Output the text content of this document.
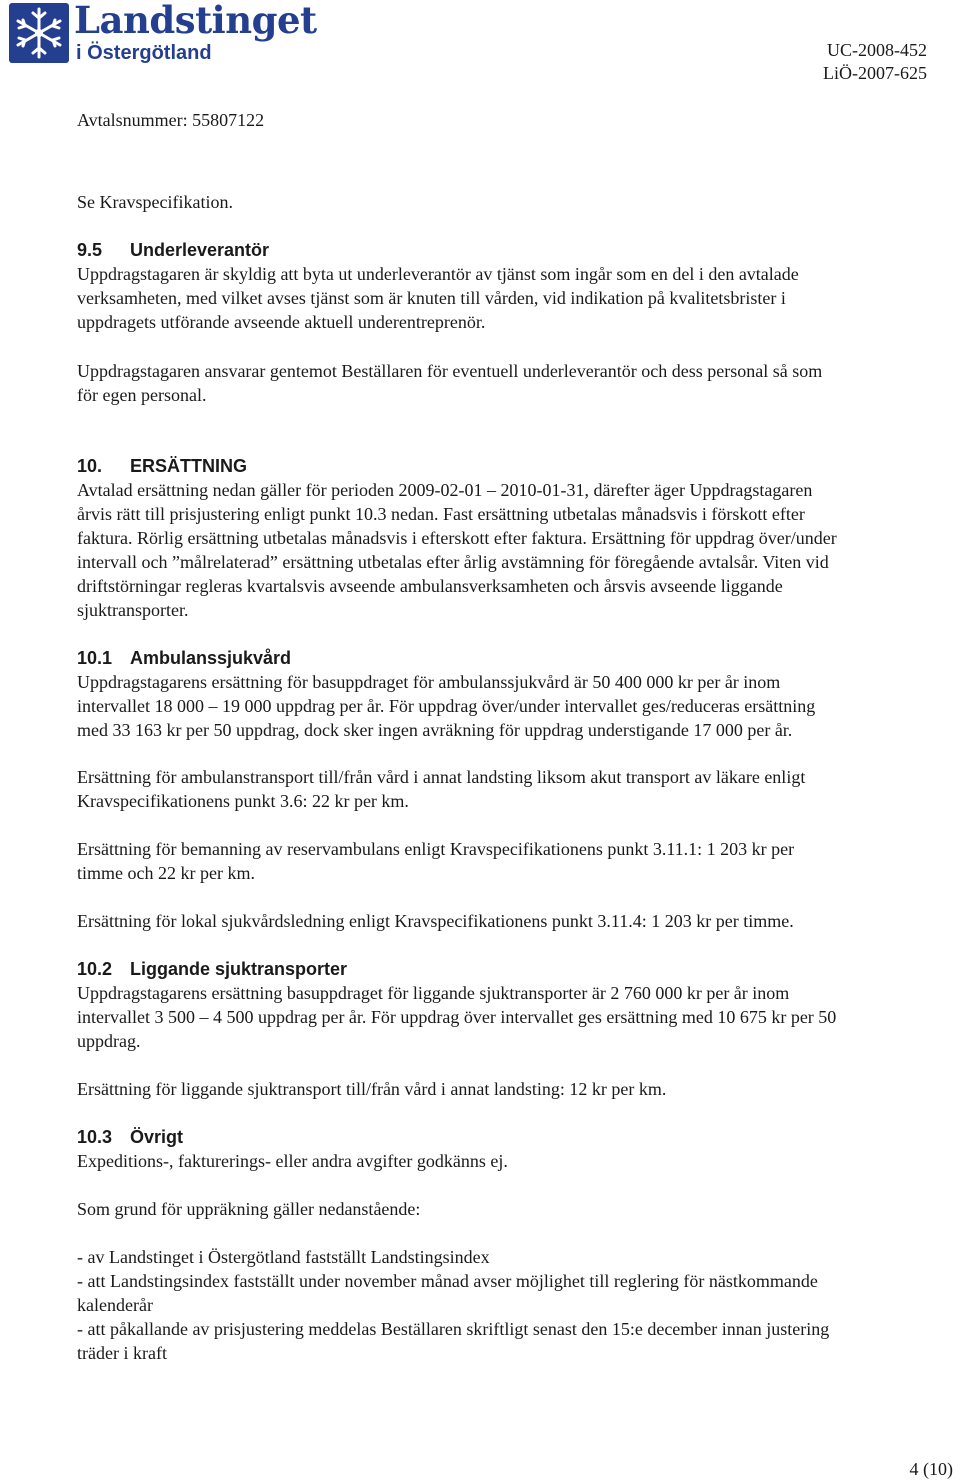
Landstinget
i Östergötland	UC-2008-452
LiÖ-2007-625
Avtalsnummer: 55807122
Se Kravspecifikation.
9.5 Underleverantör
Uppdragstagaren är skyldig att byta ut underleverantör av tjänst som ingår som en del i den avtalade
verksamheten, med vilket avses tjänst som är knuten till vården, vid indikation på kvalitetsbrister i
uppdragets utförande avseende aktuell underentreprenör.
Uppdragstagaren ansvarar gentemot Beställaren för eventuell underleverantör och dess personal så som
för egen personal.
10. ERSÄTTNING
Avtalad ersättning nedan gäller för perioden 2009-02-01 – 2010-01-31, därefter äger Uppdragstagaren
årvis rätt till prisjustering enligt punkt 10.3 nedan. Fast ersättning utbetalas månadsvis i förskott efter
faktura. Rörlig ersättning utbetalas månadsvis i efterskott efter faktura. Ersättning för uppdrag över/under
intervall och ”målrelaterad” ersättning utbetalas efter årlig avstämning för föregående avtalsår. Viten vid
driftstörningar regleras kvartalsvis avseende ambulansverksamheten och årsvis avseende liggande
sjuktransporter.
10.1 Ambulanssjukvård
Uppdragstagarens ersättning för basuppdraget för ambulanssjukvård är 50 400 000 kr per år inom
intervallet 18 000 – 19 000 uppdrag per år. För uppdrag över/under intervallet ges/reduceras ersättning
med 33 163 kr per 50 uppdrag, dock sker ingen avräkning för uppdrag understigande 17 000 per år.
Ersättning för ambulanstransport till/från vård i annat landsting liksom akut transport av läkare enligt
Kravspecifikationens punkt 3.6: 22 kr per km.
Ersättning för bemanning av reservambulans enligt Kravspecifikationens punkt 3.11.1: 1 203 kr per
timme och 22 kr per km.
Ersättning för lokal sjukvårdsledning enligt Kravspecifikationens punkt 3.11.4: 1 203 kr per timme.
10.2 Liggande sjuktransporter
Uppdragstagarens ersättning basuppdraget för liggande sjuktransporter är 2 760 000 kr per år inom
intervallet 3 500 – 4 500 uppdrag per år. För uppdrag över intervallet ges ersättning med 10 675 kr per 50
uppdrag.
Ersättning för liggande sjuktransport till/från vård i annat landsting: 12 kr per km.
10.3 Övrigt
Expeditions-, fakturerings- eller andra avgifter godkänns ej.
Som grund för uppräkning gäller nedanstående:
- av Landstinget i Östergötland fastställt Landstingsindex
- att Landstingsindex fastställt under november månad avser möjlighet till reglering för nästkommande
kalenderår
- att påkallande av prisjustering meddelas Beställaren skriftligt senast den 15:e december innan justering
träder i kraft
4 (10)
